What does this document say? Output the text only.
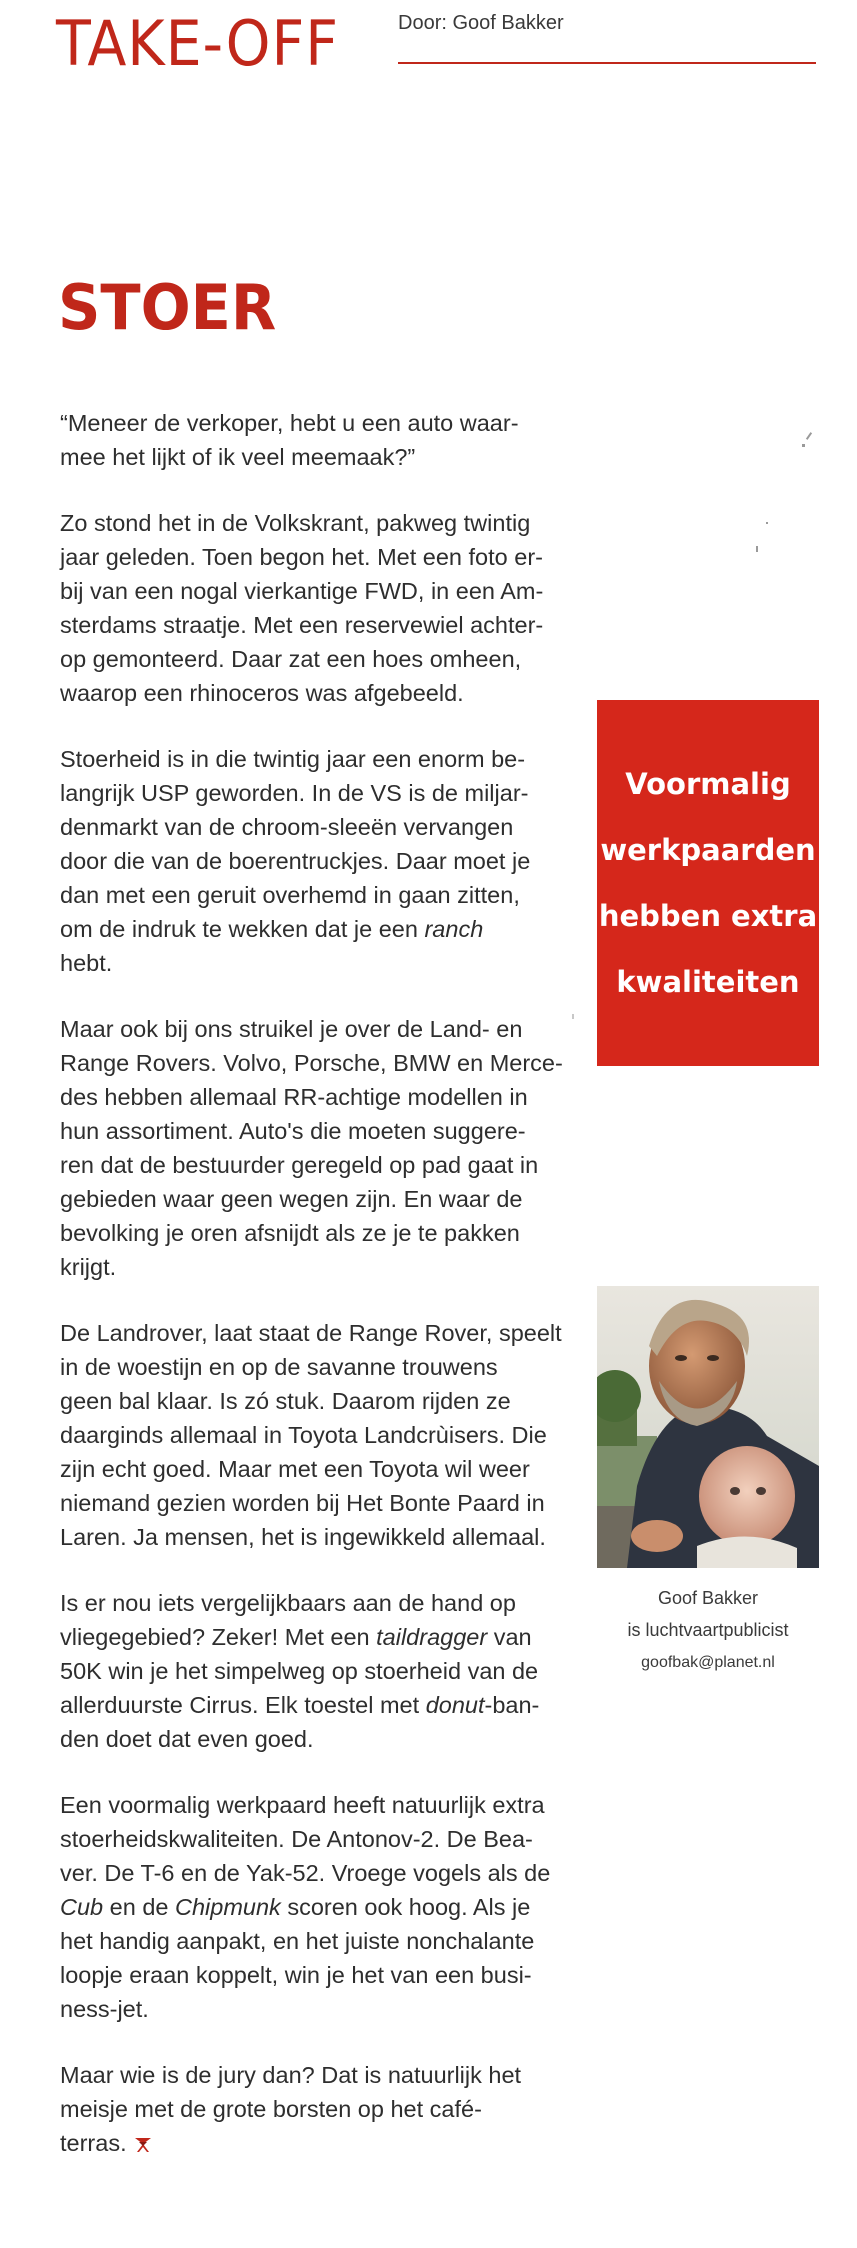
TAKE-OFF	Door: Goof Bakker
STOER

“Meneer de verkoper, hebt u een auto waar-
mee het lijkt of ik veel meemaak?”

Zo stond het in de Volkskrant, pakweg twintig
jaar geleden. Toen begon het. Met een foto er-
bij van een nogal vierkantige FWD, in een Am-
sterdams straatje. Met een reservewiel achter-
op gemonteerd. Daar zat een hoes omheen,
waarop een rhinoceros was afgebeeld.

Stoerheid is in die twintig jaar een enorm be-
langrijk USP geworden. In de VS is de miljar-
denmarkt van de chroom-sleeën vervangen
door die van de boerentruckjes. Daar moet je
dan met een geruit overhemd in gaan zitten,
om de indruk te wekken dat je een ranch
hebt.

Maar ook bij ons struikel je over de Land- en
Range Rovers. Volvo, Porsche, BMW en Merce-
des hebben allemaal RR-achtige modellen in
hun assortiment. Auto's die moeten suggere-
ren dat de bestuurder geregeld op pad gaat in
gebieden waar geen wegen zijn. En waar de
bevolking je oren afsnijdt als ze je te pakken
krijgt.

De Landrover, laat staat de Range Rover, speelt
in de woestijn en op de savanne trouwens
geen bal klaar. Is zó stuk. Daarom rijden ze
daarginds allemaal in Toyota Landcrùisers. Die
zijn echt goed. Maar met een Toyota wil weer
niemand gezien worden bij Het Bonte Paard in
Laren. Ja mensen, het is ingewikkeld allemaal.

Is er nou iets vergelijkbaars aan de hand op
vliegegebied? Zeker! Met een taildragger van
50K win je het simpelweg op stoerheid van de
allerduurste Cirrus. Elk toestel met donut-ban-
den doet dat even goed.

Een voormalig werkpaard heeft natuurlijk extra
stoerheidskwaliteiten. De Antonov-2. De Bea-
ver. De T-6 en de Yak-52. Vroege vogels als de
Cub en de Chipmunk scoren ook hoog. Als je
het handig aanpakt, en het juiste nonchalante
loopje eraan koppelt, win je het van een busi-
ness-jet.

Maar wie is de jury dan? Dat is natuurlijk het
meisje met de grote borsten op het café-
terras.

Voormalig
werkpaarden
hebben extra
kwaliteiten
Goof Bakker
is luchtvaartpublicist
goofbak@planet.nl
